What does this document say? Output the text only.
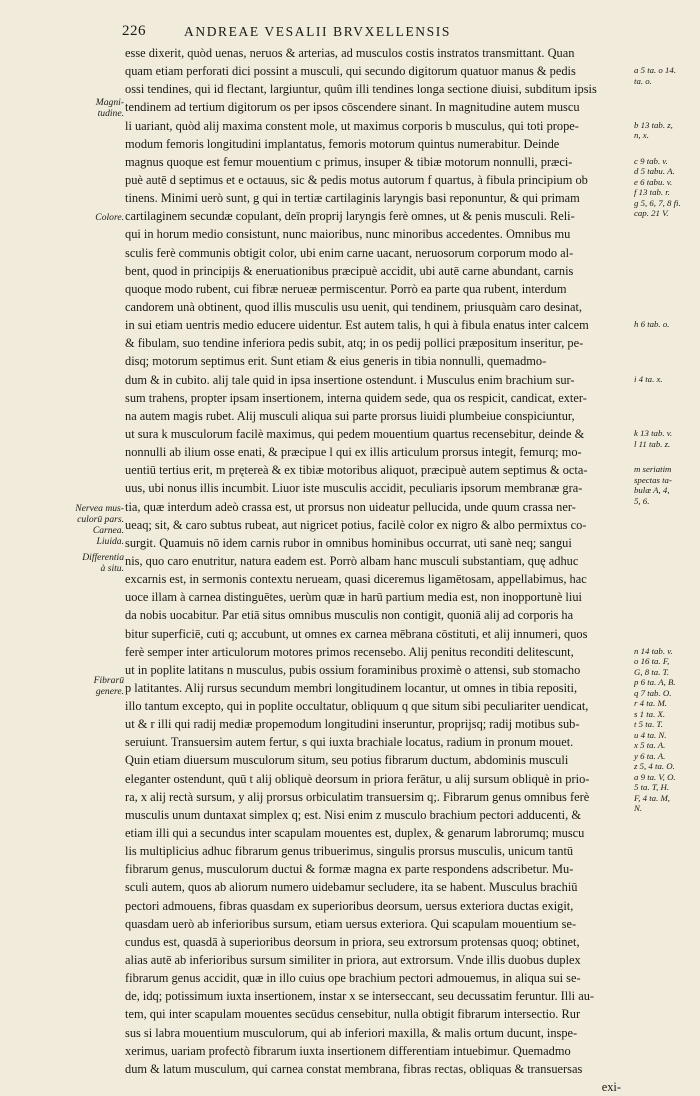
226	ANDREAE VESALII BRVXELLENSIS
esse dixerit, quòd uenas, neruos & arterias, ad musculos costis instratos transmittant. Quan
quam etiam perforati dici possint a musculi, qui secundo digitorum quatuor manus & pedis
ossi tendines, qui id flectant, largiuntur, quûm illi tendines longa sectione diuisi, subditum ipsis
tendinem ad tertium digitorum os per ipsos cōscendere sinant. In magnitudine autem muscu
li uariant, quòd alij maxima constent mole, ut maximus corporis b musculus, qui toti prope-
modum femoris longitudini implantatus, femoris motorum quintus numerabitur. Deinde
magnus quoque est femur mouentium c primus, insuper & tibiæ motorum nonnulli, præci-
puè autē d septimus et e octauus, sic & pedis motus autorum f quartus, à fibula principium ob
tinens. Minimi uerò sunt, g qui in tertiæ cartilaginis laryngis basi reponuntur, & qui primam
cartilaginem secundæ copulant, deīn proprij laryngis ferè omnes, ut & penis musculi. Reli-
qui in horum medio consistunt, nunc maioribus, nunc minoribus accedentes. Omnibus mu
sculis ferè communis obtigit color, ubi enim carne uacant, neruosorum corporum modo al-
bent, quod in principijs & eneruationibus præcipuè accidit, ubi autē carne abundant, carnis
quoque modo rubent, cui fibræ nerueæ permiscentur. Porrò ea parte qua rubent, interdum
candorem unà obtinent, quod illis musculis usu uenit, qui tendinem, priusquàm caro desinat,
in sui etiam uentris medio educere uidentur. Est autem talis, h qui à fibula enatus inter calcem
& fibulam, suo tendine inferiora pedis subit, atq; in os pedij pollici præpositum inseritur, pe-
disq; motorum septimus erit. Sunt etiam & eius generis in tibia nonnulli, quemadmo-
dum & in cubito. alij tale quid in ipsa insertione ostendunt. i Musculus enim brachium sur-
sum trahens, propter ipsam insertionem, interna quidem sede, qua os respicit, candicat, exter-
na autem magis rubet. Alij musculi aliqua sui parte prorsus liuidi plumbeiue conspiciuntur,
ut sura k musculorum facilè maximus, qui pedem mouentium quartus recensebitur, deinde &
nonnulli ab ilium osse enati, & præcipue l qui ex illis articulum prorsus integit, femurq; mo-
uentiū tertius erit, m prętereà & ex tibiæ motoribus aliquot, præcipuè autem septimus & octa-
uus, ubi nonus illis incumbit. Liuor iste musculis accidit, peculiaris ipsorum membranæ gra-
tia, quæ interdum adeò crassa est, ut prorsus non uideatur pellucida, unde quum crassa ner-
ueaq; sit, & caro subtus rubeat, aut nigricet potius, facilè color ex nigro & albo permixtus co-
surgit. Quamuis nō idem carnis rubor in omnibus hominibus occurrat, uti sanè neq; sangui
nis, quo caro enutritur, natura eadem est. Porrò albam hanc musculi substantiam, quę adhuc
excarnis est, in sermonis contextu nerueam, quasi diceremus ligamētosam, appellabimus, hac
uoce illam à carnea distinguētes, uerùm quæ in harū partium media est, non inopportunè liui
da nobis uocabitur. Par etiā situs omnibus musculis non contigit, quoniā alij ad corporis ha
bitur superficiē, cuti q; accubunt, ut omnes ex carnea mēbrana cōstituti, et alij innumeri, quos
ferè semper inter articulorum motores primos recensebo. Alij penitus reconditi delitescunt,
ut in poplite latitans n musculus, pubis ossium foraminibus proximè o attensi, sub stomacho
p latitantes. Alij rursus secundum membri longitudinem locantur, ut omnes in tibia repositi,
illo tantum excepto, qui in poplite occultatur, obliquum q que situm sibi peculiariter uendicat,
ut & r illi qui radij mediæ propemodum longitudini inseruntur, proprijsq; radij motibus sub-
seruiunt. Transuersim autem fertur, s qui iuxta brachiale locatus, radium in pronum mouet.
Quin etiam diuersum musculorum situm, seu potius fibrarum ductum, abdominis musculi
eleganter ostendunt, quū t alij obliquè deorsum in priora ferātur, u alij sursum obliquè in prio-
ra, x alij rectà sursum, y alij prorsus orbiculatim transuersim q;. Fibrarum genus omnibus ferè
musculis unum duntaxat simplex q; est. Nisi enim z musculo brachium pectori adducenti, &
etiam illi qui a secundus inter scapulam mouentes est, duplex, & genarum labrorumq; muscu
lis multiplicius adhuc fibrarum genus tribuerimus, singulis prorsus musculis, unicum tantū
fibrarum genus, musculorum ductui & formæ magna ex parte respondens adscribetur. Mu-
sculi autem, quos ab aliorum numero uidebamur secludere, ita se habent. Musculus brachiū
pectori admouens, fibras quasdam ex superioribus deorsum, uersus exteriora ductas exigit,
quasdam uerò ab inferioribus sursum, etiam uersus exteriora. Qui scapulam mouentium se-
cundus est, quasdā à superioribus deorsum in priora, seu extrorsum protensas quoq; obtinet,
alias autē ab inferioribus sursum similiter in priora, aut extrorsum. Vnde illis duobus duplex
fibrarum genus accidit, quæ in illo cuius ope brachium pectori admouemus, in aliqua sui se-
de, idq; potissimum iuxta insertionem, instar x se interseccant, seu decussatim feruntur. Illi au-
tem, qui inter scapulam mouentes secūdus censebitur, nulla obtigit fibrarum intersectio. Rur
sus si labra mouentium musculorum, qui ab inferiori maxilla, & malis ortum ducunt, inspe-
xerimus, uariam profectò fibrarum iuxta insertionem differentiam intuebimur. Quemadmo
dum & latum musculum, qui carnea constat membrana, fibras rectas, obliquas & transuersas
exi-
Magni-
tudine.
Colore.
Nervea mus-
culorū pars.
Carnea.
Liuida.
Differentia
à situ.
Fibrarū
genere.
a 5 ta. o 14.
ta. o.
b 13 tab. z,
n, x.
c 9 tab. v.
d 5 tabu. A.
e 6 tabu. v.
f 13 tab. r.
g 5, 6, 7, 8 fi.
cap. 21 V.
h 6 tab. o.
i 4 ta. x.
k 13 tab. v.
l 11 tab. z.
m seriatim
spectas ta-
bulæ A, 4,
5, 6.
n 14 tab. v.
o 16 ta. F,
G, 8 ta. T.
p 6 ta. A, B.
q 7 tab. O.
r 4 ta. M.
s 1 ta. X.
t 5 ta. T.
u 4 ta. N.
x 5 ta. A.
y 6 ta. A.
z 5, 4 ta. O.
a 9 ta. V, O.
5 ta. T, H.
F, 4 ta. M,
N.
